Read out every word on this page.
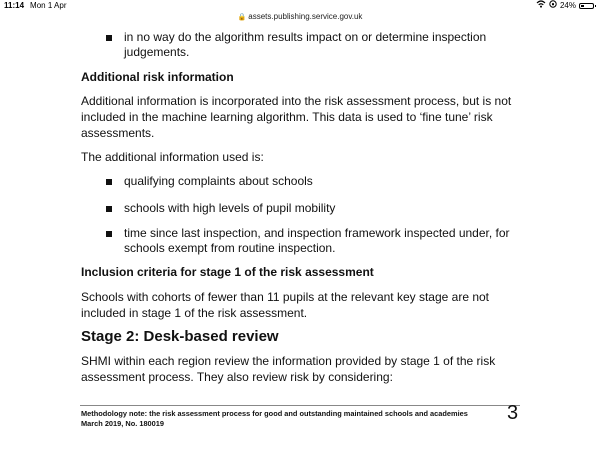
11:14 Mon 1 Apr	24%
🔒 assets.publishing.service.gov.uk
in no way do the algorithm results impact on or determine inspection judgements.
Additional risk information
Additional information is incorporated into the risk assessment process, but is not included in the machine learning algorithm. This data is used to ‘fine tune’ risk assessments.
The additional information used is:
qualifying complaints about schools
schools with high levels of pupil mobility
time since last inspection, and inspection framework inspected under, for schools exempt from routine inspection.
Inclusion criteria for stage 1 of the risk assessment
Schools with cohorts of fewer than 11 pupils at the relevant key stage are not included in stage 1 of the risk assessment.
Stage 2: Desk-based review
SHMI within each region review the information provided by stage 1 of the risk assessment process. They also review risk by considering:
Methodology note: the risk assessment process for good and outstanding maintained schools and academies
March 2019, No. 180019	3
